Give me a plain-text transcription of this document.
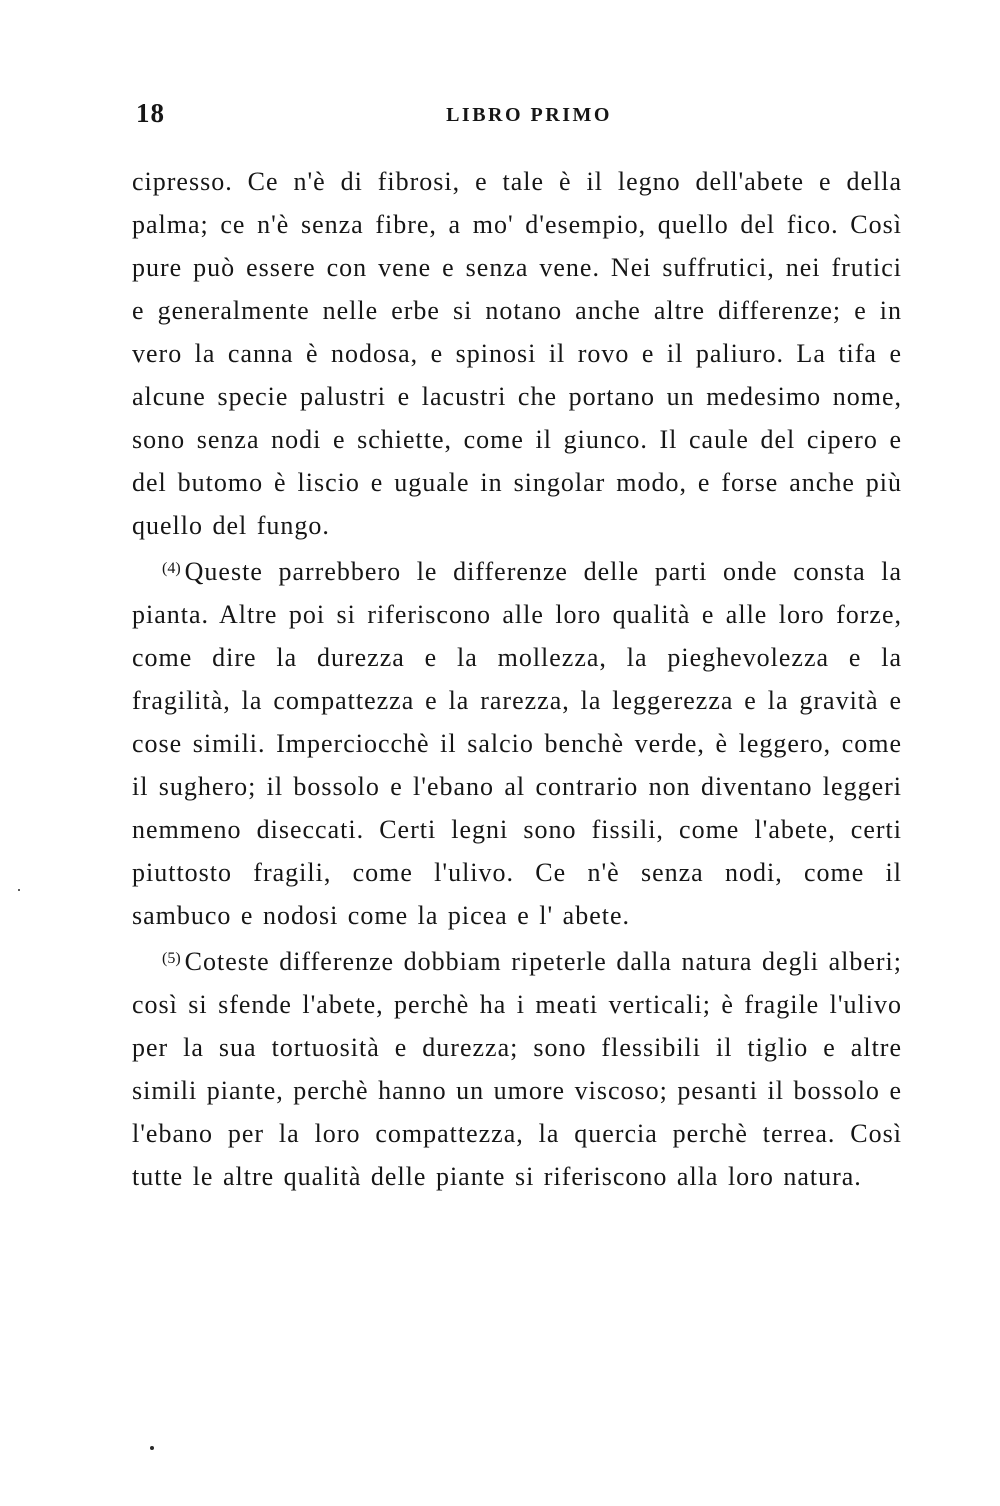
18	LIBRO PRIMO

cipresso. Ce n'è di fibrosi, e tale è il legno dell'abete e della palma; ce n'è senza fibre, a mo' d'esempio, quello del fico. Così pure può essere con vene e senza vene. Nei suffrutici, nei frutici e generalmente nelle erbe si notano anche altre differenze; e in vero la canna è nodosa, e spinosi il rovo e il paliuro. La tifa e alcune specie palustri e lacustri che portano un medesimo nome, sono senza nodi e schiette, come il giunco. Il caule del cipero e del butomo è liscio e uguale in singolar modo, e forse anche più quello del fungo.

$^{(4)}$ Queste parrebbero le differenze delle parti onde consta la pianta. Altre poi si riferiscono alle loro qualità e alle loro forze, come dire la durezza e la mollezza, la pieghevolezza e la fragilità, la compattezza e la rarezza, la leggerezza e la gravità e cose simili. Imperciocchè il salcio benchè verde, è leggero, come il sughero; il bossolo e l'ebano al contrario non diventano leggeri nemmeno diseccati. Certi legni sono fissili, come l'abete, certi piuttosto fragili, come l'ulivo. Ce n'è senza nodi, come il sambuco e nodosi come la picea e l' abete.

$^{(5)}$ Coteste differenze dobbiam ripeterle dalla natura degli alberi; così si sfende l'abete, perchè ha i meati verticali; è fragile l'ulivo per la sua tortuosità e durezza; sono flessibili il tiglio e altre simili piante, perchè hanno un umore viscoso; pesanti il bossolo e l'ebano per la loro compattezza, la quercia perchè terrea. Così tutte le altre qualità delle piante si riferiscono alla loro natura.
